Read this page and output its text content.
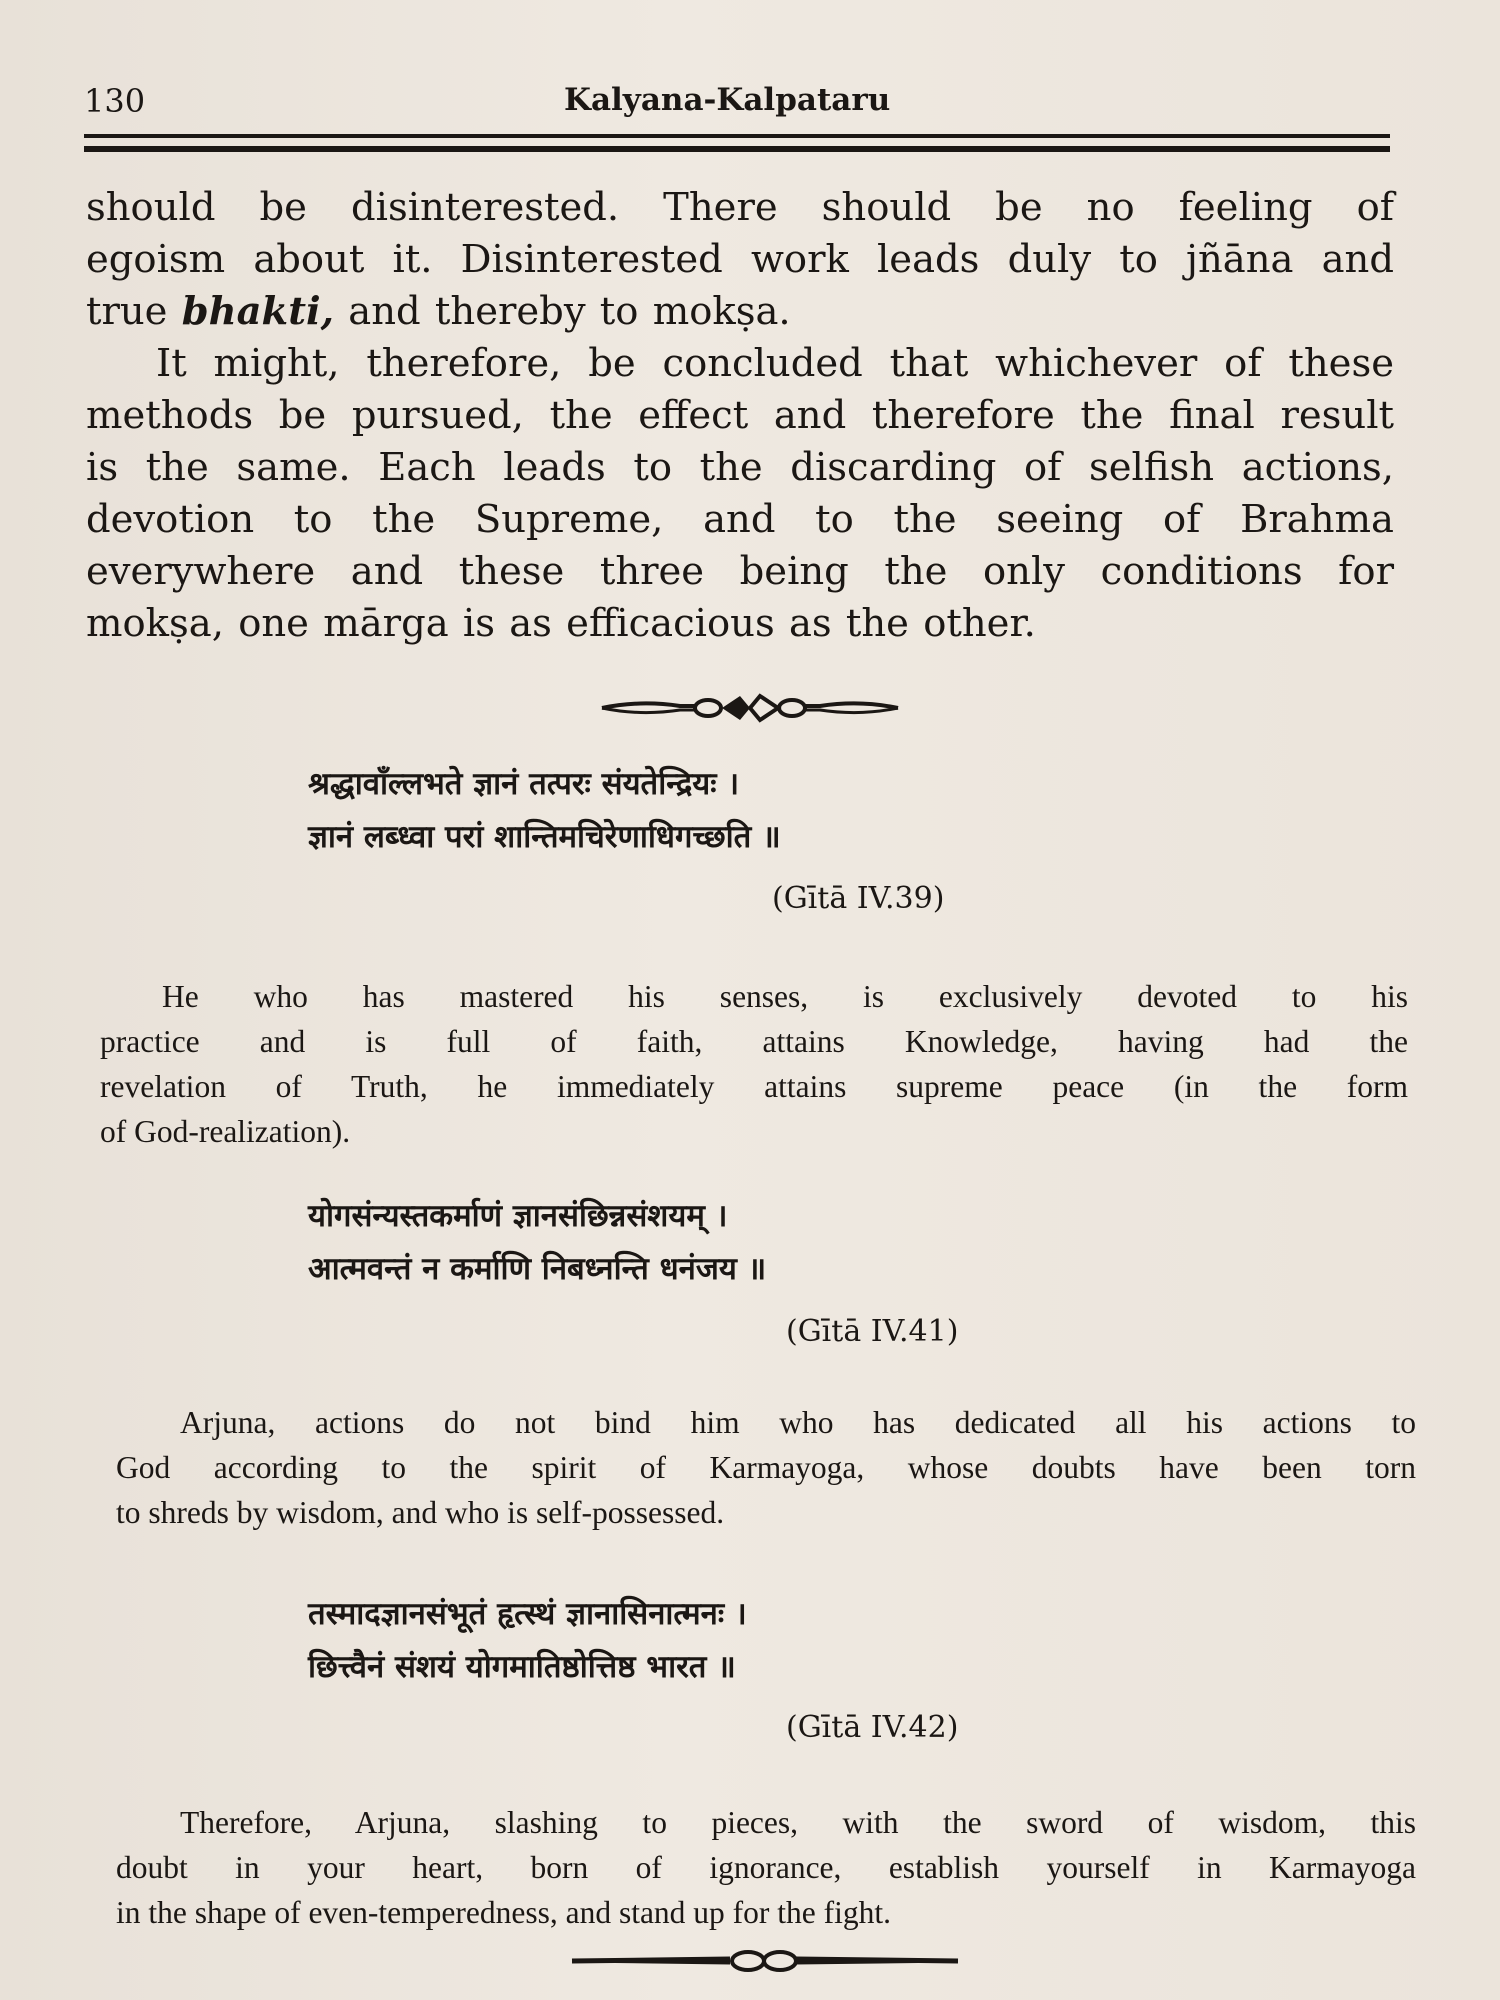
130	Kalyana-Kalpataru
should be disinterested. There should be no feeling of
egoism about it. Disinterested work leads duly to jñāna and
true bhakti, and thereby to mokṣa.
It might, therefore, be concluded that whichever of these
methods be pursued, the effect and therefore the final result
is the same. Each leads to the discarding of selfish actions,
devotion to the Supreme, and to the seeing of Brahma
everywhere and these three being the only conditions for
mokṣa, one mārga is as efficacious as the other.
श्रद्धावाँल्लभते ज्ञानं तत्परः संयतेन्द्रियः ।
ज्ञानं लब्ध्वा परां शान्तिमचिरेणाधिगच्छति ॥
(Gītā IV.39)
He who has mastered his senses, is exclusively devoted to his
practice and is full of faith, attains Knowledge, having had the
revelation of Truth, he immediately attains supreme peace (in the form
of God-realization).
योगसंन्यस्तकर्माणं ज्ञानसंछिन्नसंशयम् ।
आत्मवन्तं न कर्माणि निबध्नन्ति धनंजय ॥
(Gītā IV.41)
Arjuna, actions do not bind him who has dedicated all his actions to
God according to the spirit of Karmayoga, whose doubts have been torn
to shreds by wisdom, and who is self-possessed.
तस्मादज्ञानसंभूतं हृत्स्थं ज्ञानासिनात्मनः ।
छित्त्वैनं संशयं योगमातिष्ठोत्तिष्ठ भारत ॥
(Gītā IV.42)
Therefore, Arjuna, slashing to pieces, with the sword of wisdom, this
doubt in your heart, born of ignorance, establish yourself in Karmayoga
in the shape of even-temperedness, and stand up for the fight.
